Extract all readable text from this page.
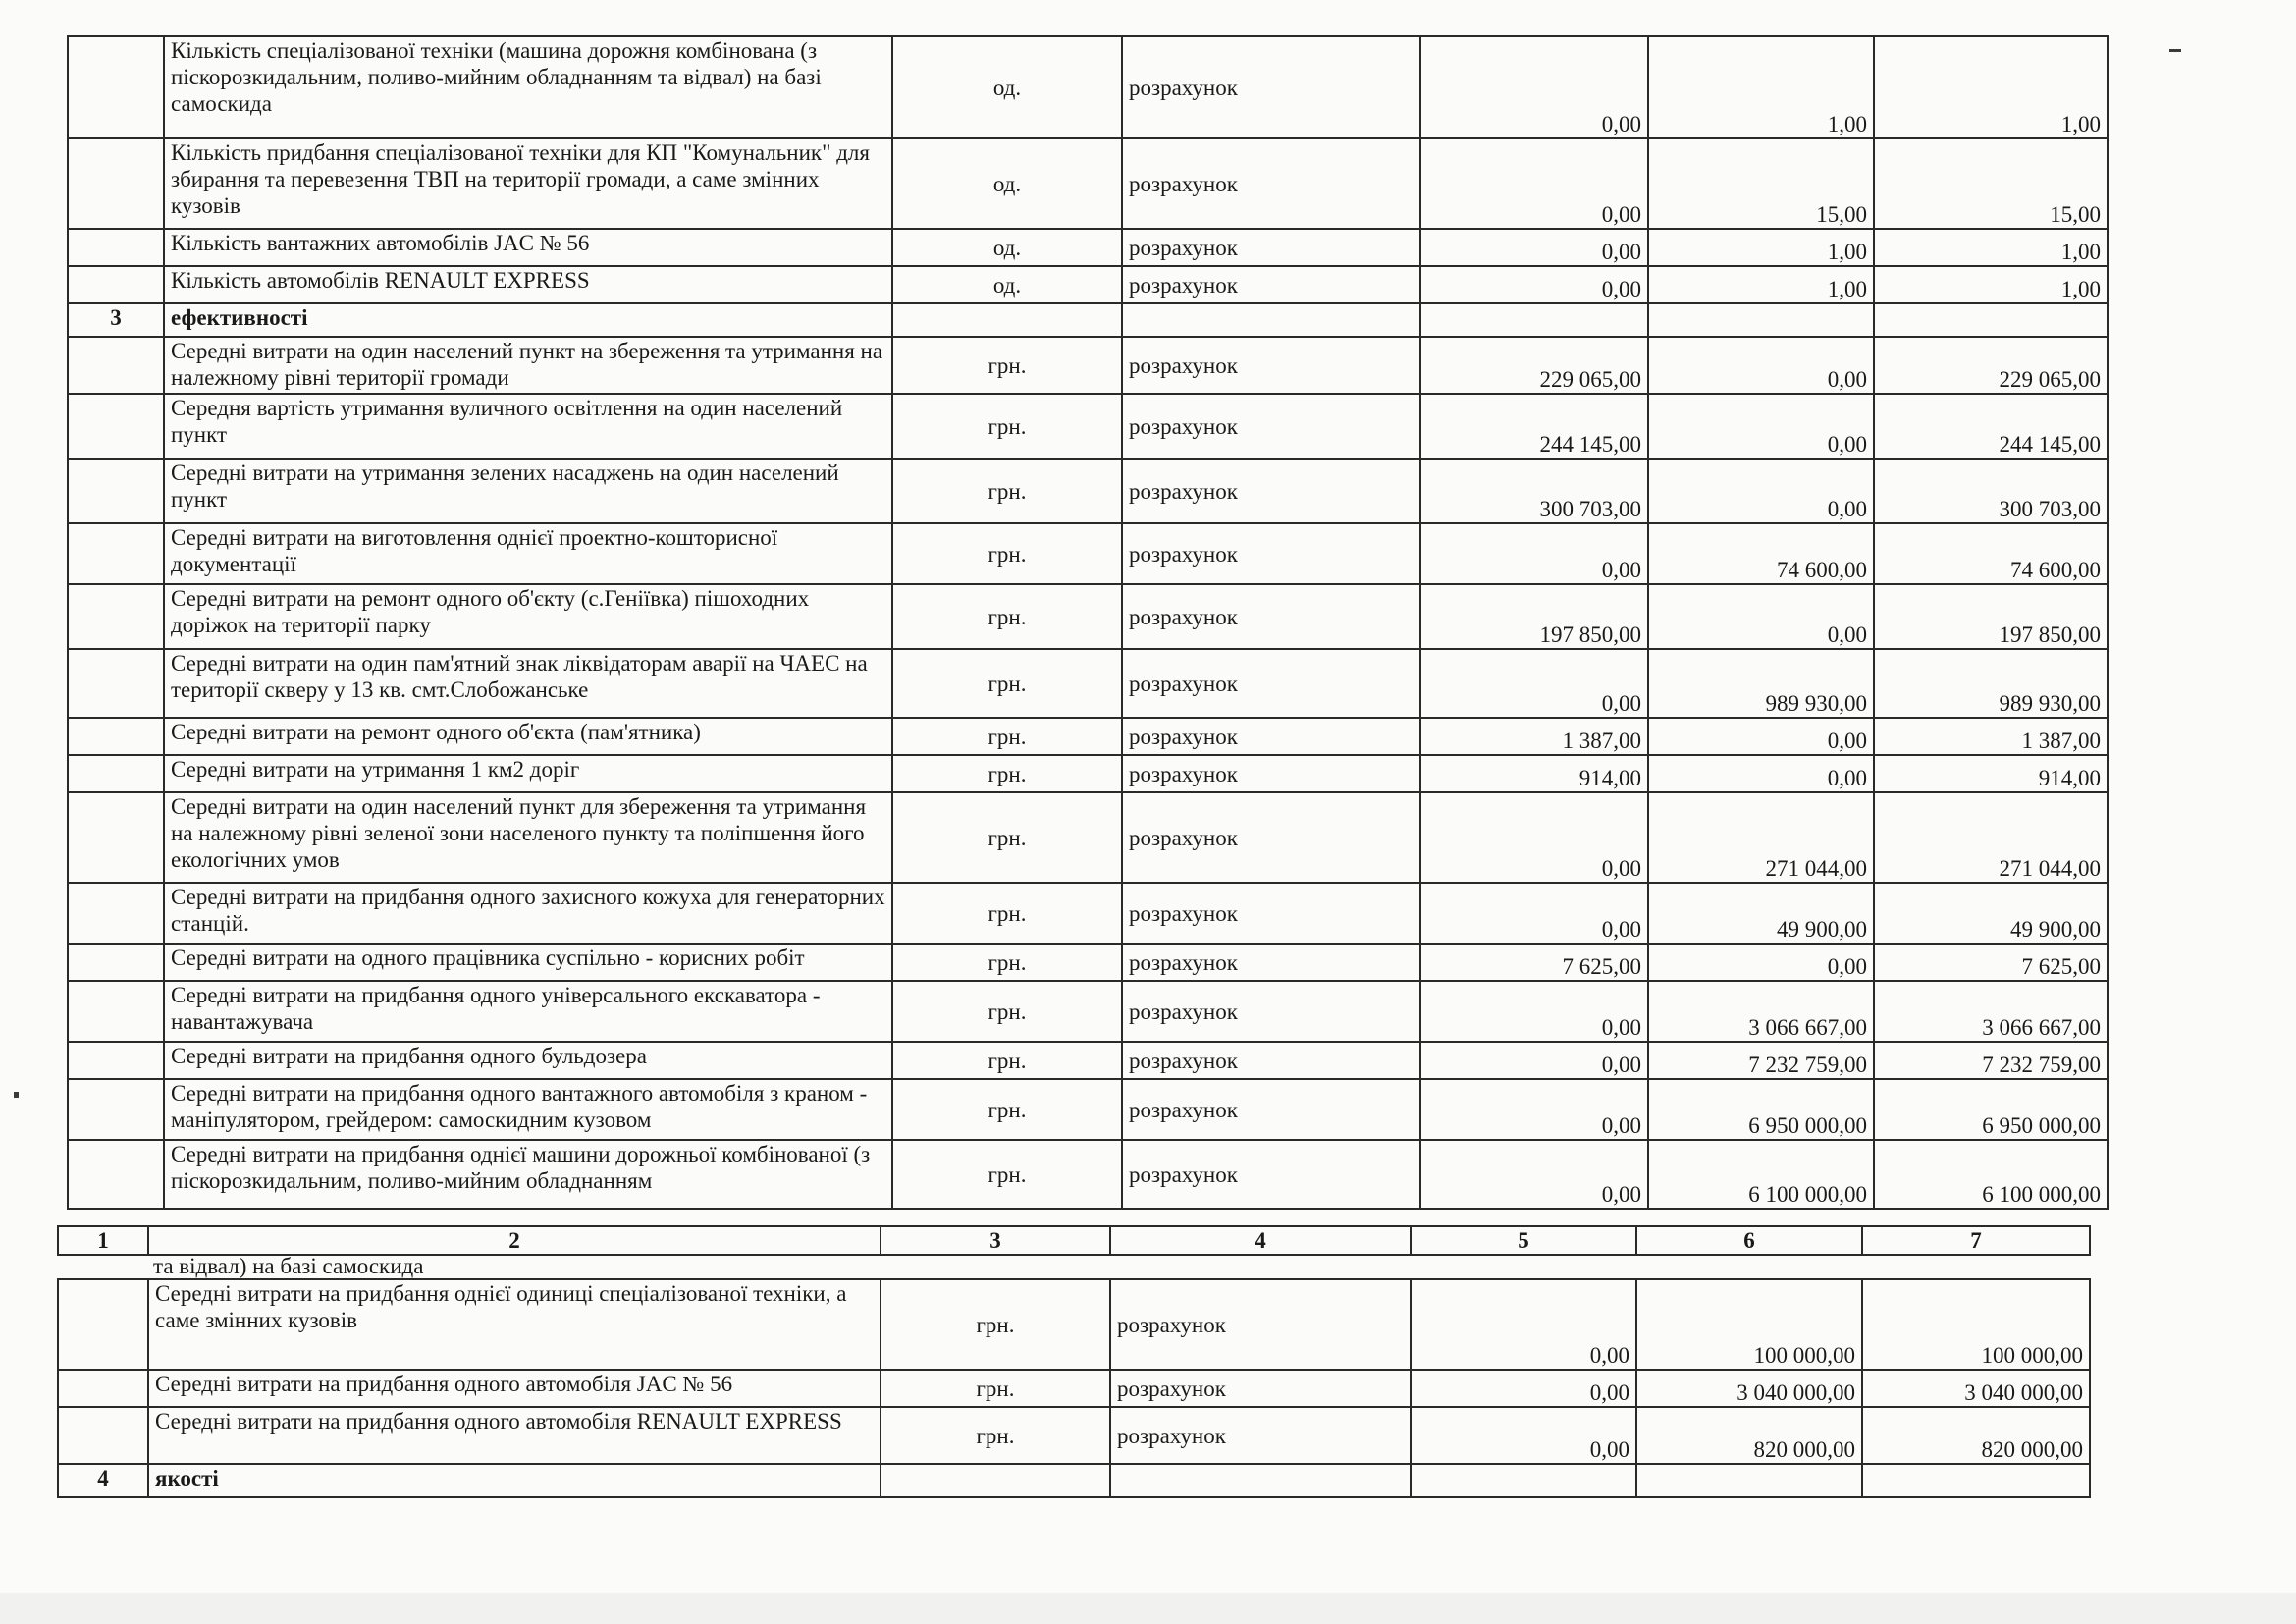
	Кількість спеціалізованої техніки (машина дорожня комбінована (з піскорозкидальним, поливо-мийним обладнанням та відвал) на базі самоскида	од.	розрахунок	0,00	1,00	1,00
	Кількість придбання спеціалізованої техніки для КП "Комунальник" для збирання та перевезення ТВП на території громади, а саме змінних кузовів	од.	розрахунок	0,00	15,00	15,00
	Кількість вантажних автомобілів JAC № 56	од.	розрахунок	0,00	1,00	1,00
	Кількість автомобілів RENAULT EXPRESS	од.	розрахунок	0,00	1,00	1,00
3	ефективності					
	Середні витрати на один населений пункт на збереження та утримання на належному рівні території громади	грн.	розрахунок	229 065,00	0,00	229 065,00
	Середня вартість утримання вуличного освітлення на один населений пункт	грн.	розрахунок	244 145,00	0,00	244 145,00
	Середні витрати на утримання зелених насаджень на один населений пункт	грн.	розрахунок	300 703,00	0,00	300 703,00
	Середні витрати на виготовлення однієї проектно-кошторисної документації	грн.	розрахунок	0,00	74 600,00	74 600,00
	Середні витрати на ремонт одного об'єкту (с.Геніївка) пішоходних доріжок на території парку	грн.	розрахунок	197 850,00	0,00	197 850,00
	Середні витрати на один пам'ятний знак ліквідаторам аварії на ЧАЕС на території скверу у 13 кв. смт.Слобожанське	грн.	розрахунок	0,00	989 930,00	989 930,00
	Середні витрати на ремонт одного об'єкта (пам'ятника)	грн.	розрахунок	1 387,00	0,00	1 387,00
	Середні витрати на утримання 1 км2 доріг	грн.	розрахунок	914,00	0,00	914,00
	Середні витрати на один населений пункт для збереження та утримання на належному рівні зеленої зони населеного пункту та поліпшення його екологічних умов	грн.	розрахунок	0,00	271 044,00	271 044,00
	Середні витрати на придбання одного захисного кожуха для генераторних станцій.	грн.	розрахунок	0,00	49 900,00	49 900,00
	Середні витрати на одного працівника суспільно - корисних робіт	грн.	розрахунок	7 625,00	0,00	7 625,00
	Середні витрати на придбання одного універсального екскаватора - навантажувача	грн.	розрахунок	0,00	3 066 667,00	3 066 667,00
	Середні витрати на придбання одного бульдозера	грн.	розрахунок	0,00	7 232 759,00	7 232 759,00
	Середні витрати на придбання одного вантажного автомобіля з краном - маніпулятором, грейдером: самоскидним кузовом	грн.	розрахунок	0,00	6 950 000,00	6 950 000,00
	Середні витрати на придбання однієї машини дорожньої комбінованої (з піскорозкидальним, поливо-мийним обладнанням	грн.	розрахунок	0,00	6 100 000,00	6 100 000,00
1	2	3	4	5	6	7
та відвал) на базі самоскида
	Середні витрати на придбання однієї одиниці спеціалізованої техніки, а саме змінних кузовів	грн.	розрахунок	0,00	100 000,00	100 000,00
	Середні витрати на придбання одного автомобіля JAC № 56	грн.	розрахунок	0,00	3 040 000,00	3 040 000,00
	Середні витрати на придбання одного автомобіля RENAULT EXPRESS	грн.	розрахунок	0,00	820 000,00	820 000,00
4	якості					
